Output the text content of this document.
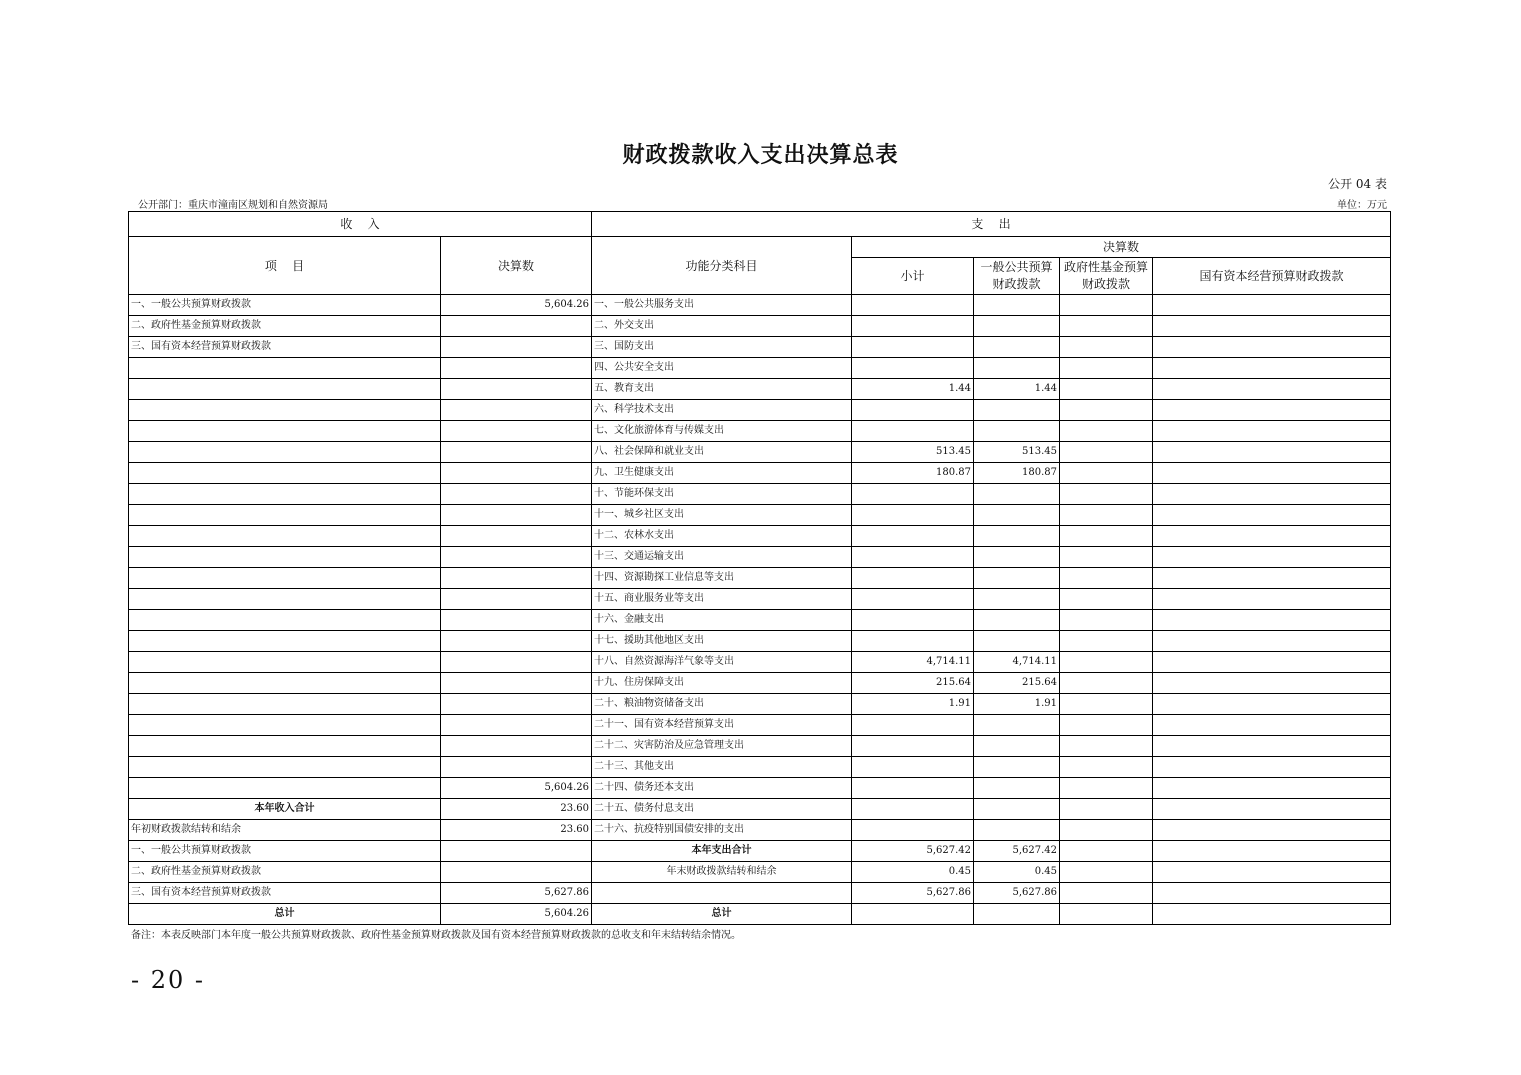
财政拨款收入支出决算总表
公开 04 表
公开部门：重庆市潼南区规划和自然资源局	单位：万元
收    入		支    出				
项    目	决算数	功能分类科目	决算数			
			小计	一般公共预算财政拨款	政府性基金预算财政拨款	国有资本经营预算财政拨款
一、一般公共预算财政拨款	5,604.26	一、一般公共服务支出				
二、政府性基金预算财政拨款		二、外交支出				
三、国有资本经营预算财政拨款		三、国防支出				
		四、公共安全支出				
		五、教育支出	1.44	1.44		
		六、科学技术支出				
		七、文化旅游体育与传媒支出				
		八、社会保障和就业支出	513.45	513.45		
		九、卫生健康支出	180.87	180.87		
		十、节能环保支出				
		十一、城乡社区支出				
		十二、农林水支出				
		十三、交通运输支出				
		十四、资源勘探工业信息等支出				
		十五、商业服务业等支出				
		十六、金融支出				
		十七、援助其他地区支出				
		十八、自然资源海洋气象等支出	4,714.11	4,714.11		
		十九、住房保障支出	215.64	215.64		
		二十、粮油物资储备支出	1.91	1.91		
		二十一、国有资本经营预算支出				
		二十二、灾害防治及应急管理支出				
		二十三、其他支出				
	5,604.26	二十四、债务还本支出				
本年收入合计	23.60	二十五、债务付息支出				
年初财政拨款结转和结余	23.60	二十六、抗疫特别国债安排的支出				
一、一般公共预算财政拨款		本年支出合计	5,627.42	5,627.42		
二、政府性基金预算财政拨款		年末财政拨款结转和结余	0.45	0.45		
三、国有资本经营预算财政拨款	5,627.86		5,627.86	5,627.86		
总计	5,604.26	总计				
备注：本表反映部门本年度一般公共预算财政拨款、政府性基金预算财政拨款及国有资本经营预算财政拨款的总收支和年末结转结余情况。
- 20 -
